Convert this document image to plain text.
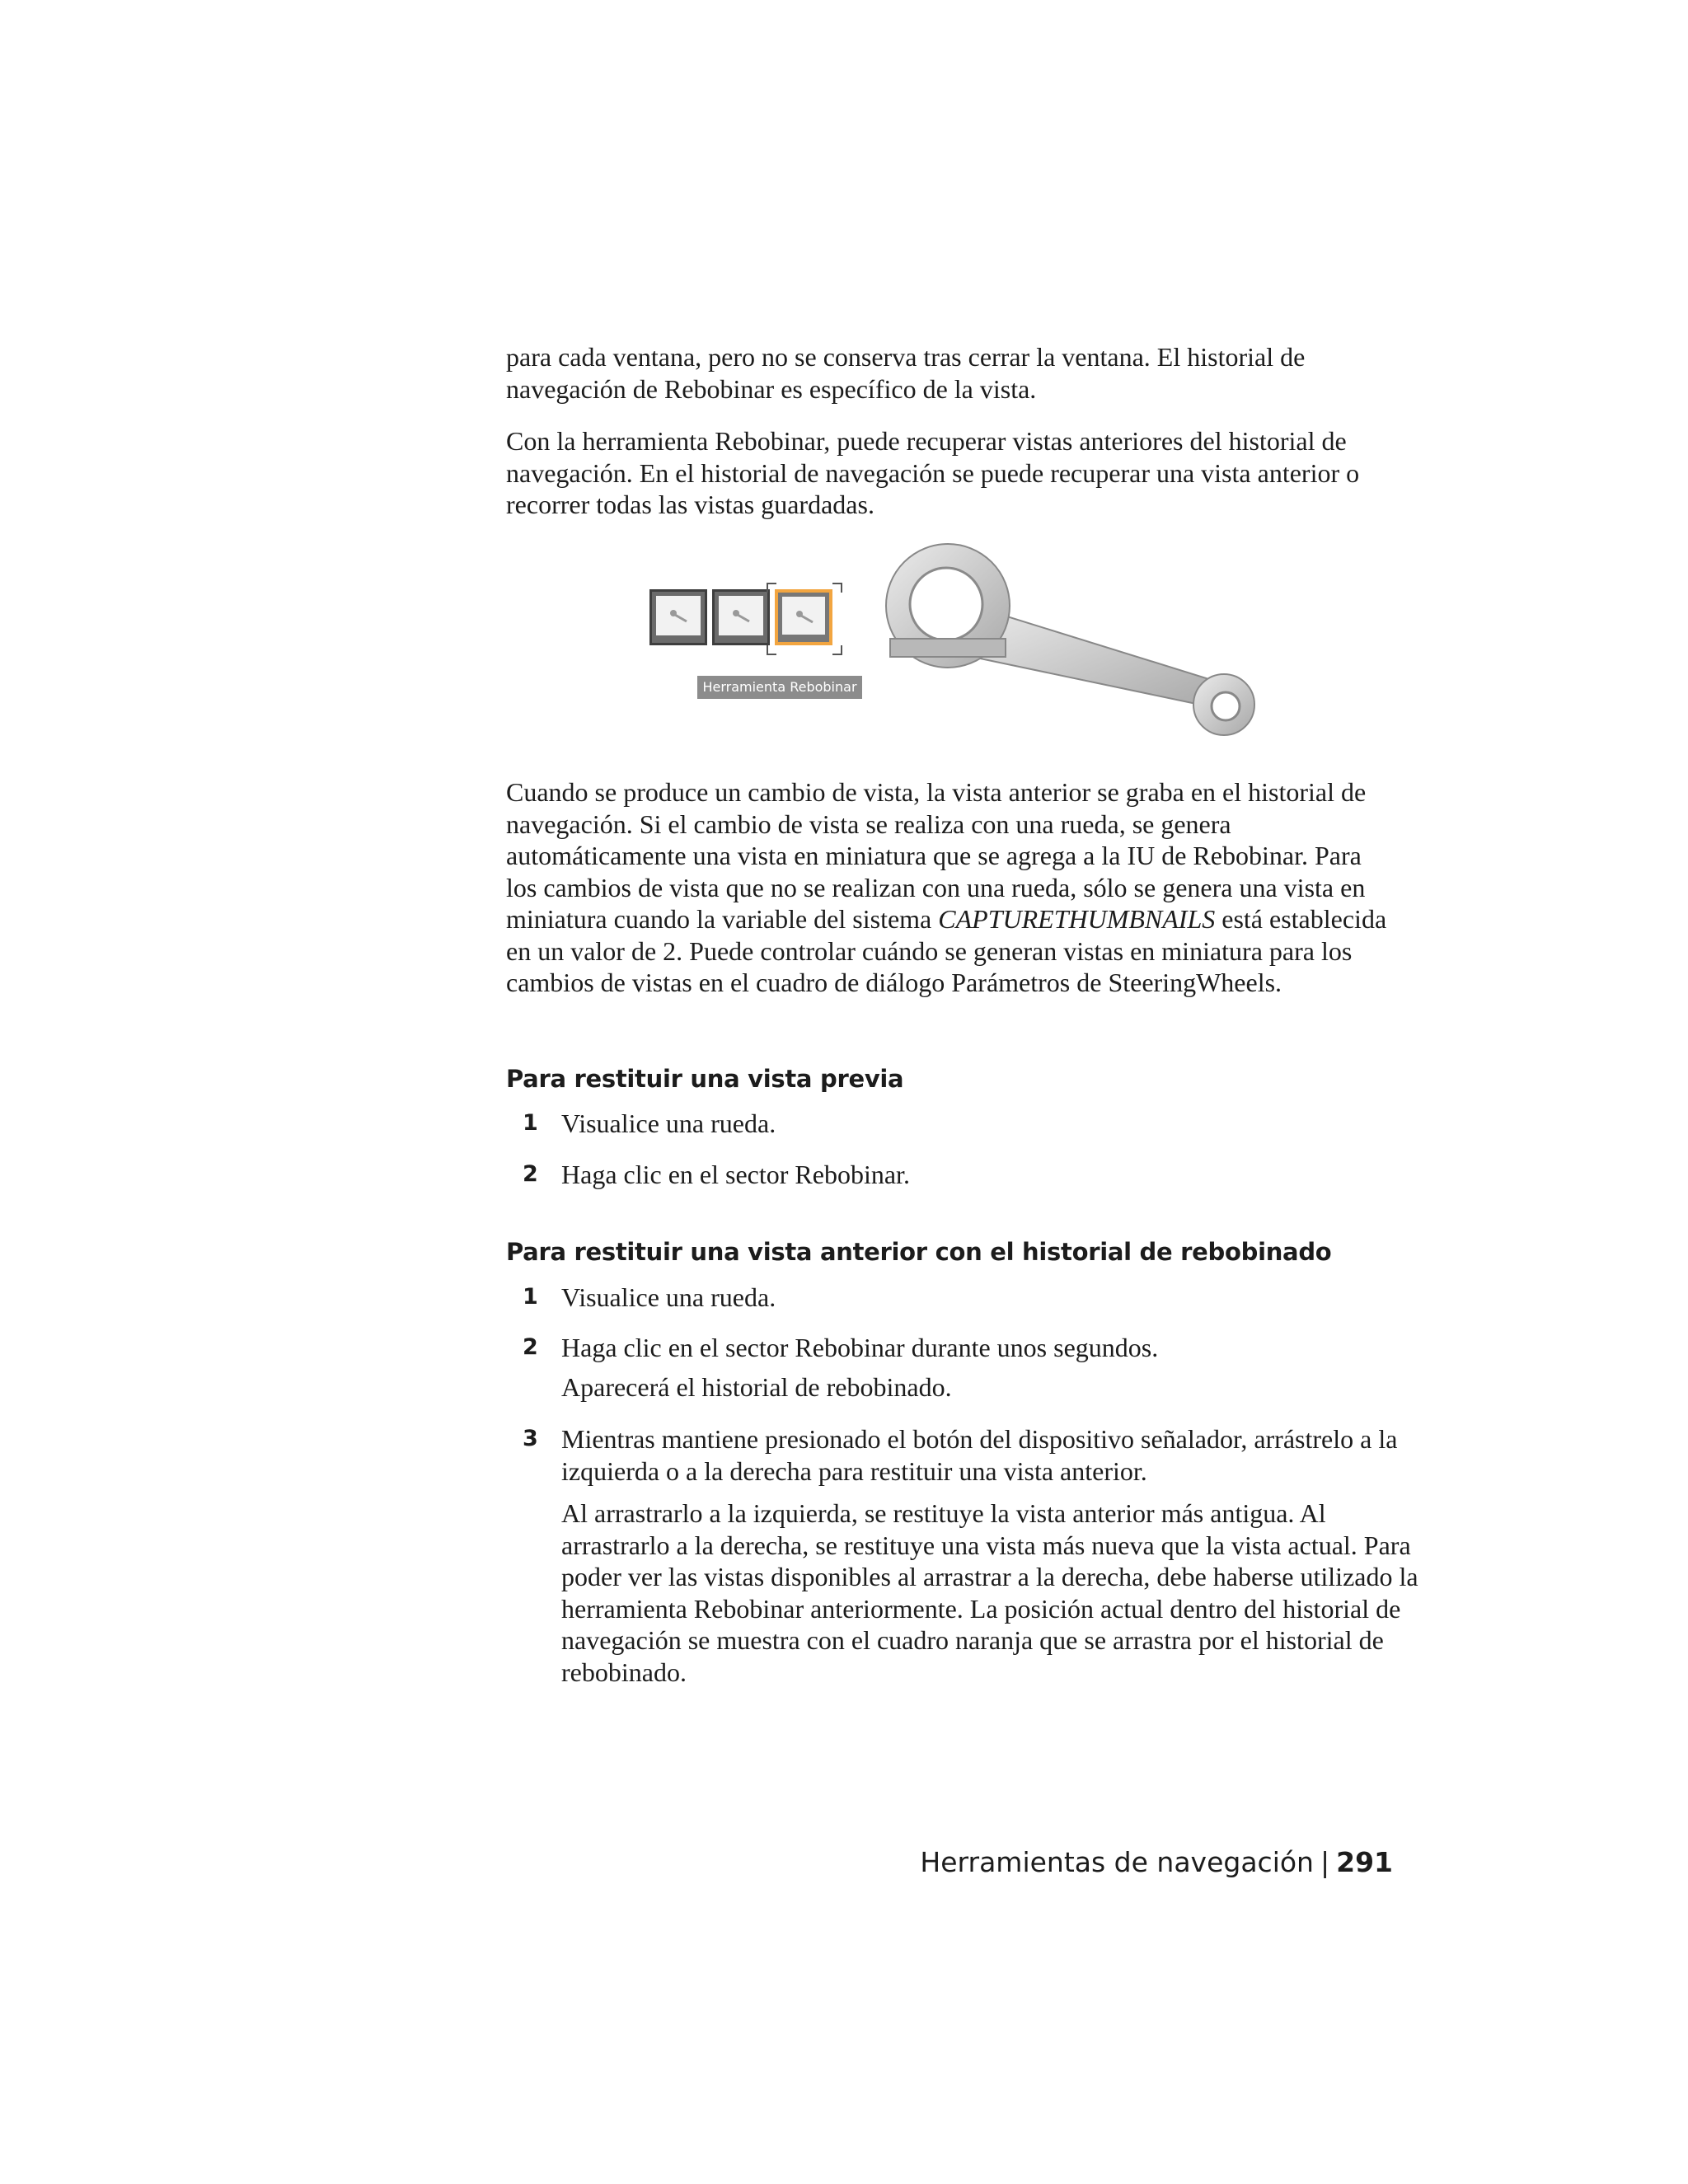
para cada ventana, pero no se conserva tras cerrar la ventana. El historial de navegación de Rebobinar es específico de la vista.

Con la herramienta Rebobinar, puede recuperar vistas anteriores del historial de navegación. En el historial de navegación se puede recuperar una vista anterior o recorrer todas las vistas guardadas.

Herramienta Rebobinar

Cuando se produce un cambio de vista, la vista anterior se graba en el historial de navegación. Si el cambio de vista se realiza con una rueda, se genera automáticamente una vista en miniatura que se agrega a la IU de Rebobinar. Para los cambios de vista que no se realizan con una rueda, sólo se genera una vista en miniatura cuando la variable del sistema CAPTURETHUMBNAILS está establecida en un valor de 2. Puede controlar cuándo se generan vistas en miniatura para los cambios de vistas en el cuadro de diálogo Parámetros de SteeringWheels.

Para restituir una vista previa

1 Visualice una rueda.

2 Haga clic en el sector Rebobinar.

Para restituir una vista anterior con el historial de rebobinado

1 Visualice una rueda.

2 Haga clic en el sector Rebobinar durante unos segundos.

Aparecerá el historial de rebobinado.

3 Mientras mantiene presionado el botón del dispositivo señalador, arrástrelo a la izquierda o a la derecha para restituir una vista anterior.

Al arrastrarlo a la izquierda, se restituye la vista anterior más antigua. Al arrastrarlo a la derecha, se restituye una vista más nueva que la vista actual. Para poder ver las vistas disponibles al arrastrar a la derecha, debe haberse utilizado la herramienta Rebobinar anteriormente. La posición actual dentro del historial de navegación se muestra con el cuadro naranja que se arrastra por el historial de rebobinado.

Herramientas de navegación | 291
